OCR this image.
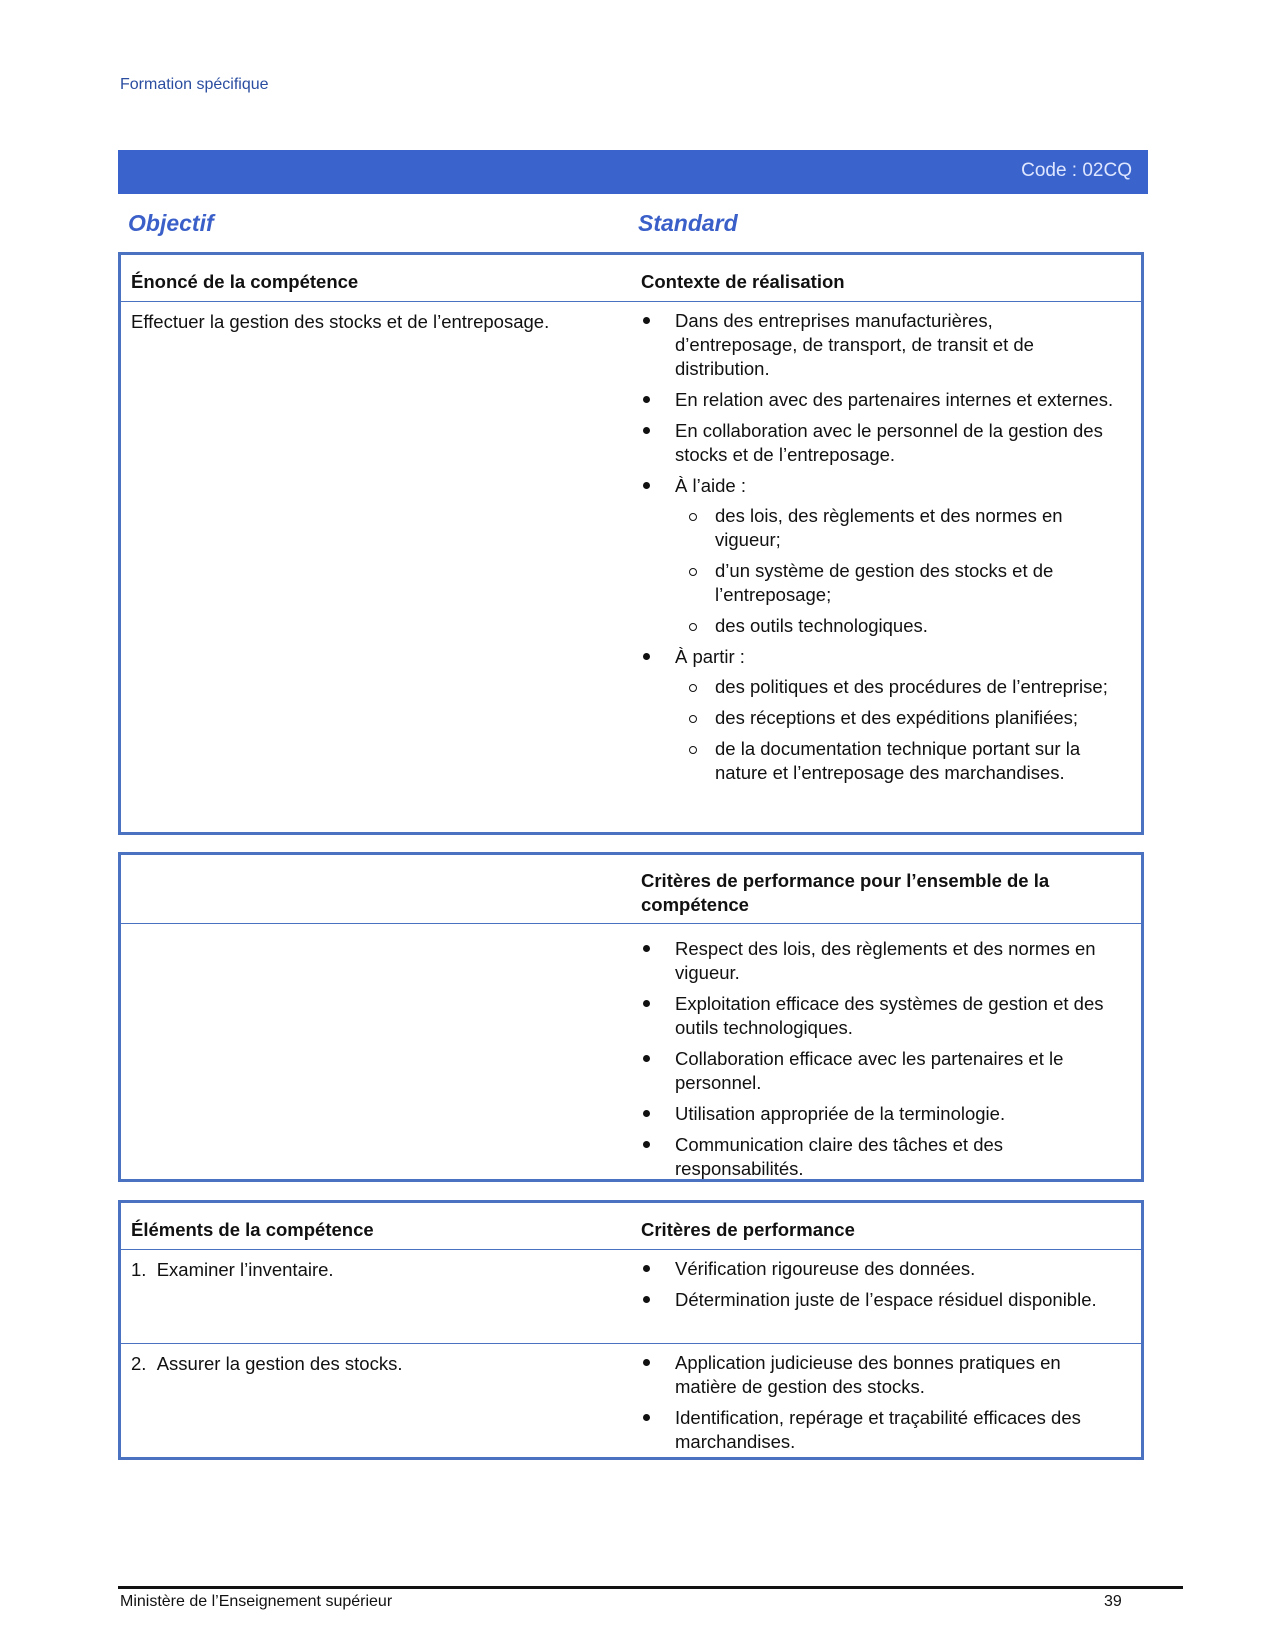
Formation spécifique
Code : 02CQ
Objectif	Standard
Énoncé de la compétence	Contexte de réalisation
Effectuer la gestion des stocks et de l’entreposage.	Dans des entreprises manufacturières, d’entreposage, de transport, de transit et de distribution.
En relation avec des partenaires internes et externes.
En collaboration avec le personnel de la gestion des stocks et de l’entreposage.
À l’aide :
des lois, des règlements et des normes en vigueur;
d’un système de gestion des stocks et de l’entreposage;
des outils technologiques.
À partir :
des politiques et des procédures de l’entreprise;
des réceptions et des expéditions planifiées;
de la documentation technique portant sur la nature et l’entreposage des marchandises.
Critères de performance pour l’ensemble de la compétence
Respect des lois, des règlements et des normes en vigueur.
Exploitation efficace des systèmes de gestion et des outils technologiques.
Collaboration efficace avec les partenaires et le personnel.
Utilisation appropriée de la terminologie.
Communication claire des tâches et des responsabilités.
Éléments de la compétence	Critères de performance
1.  Examiner l’inventaire.	Vérification rigoureuse des données.
Détermination juste de l’espace résiduel disponible.
2.  Assurer la gestion des stocks.	Application judicieuse des bonnes pratiques en matière de gestion des stocks.
Identification, repérage et traçabilité efficaces des marchandises.
Ministère de l’Enseignement supérieur	39
